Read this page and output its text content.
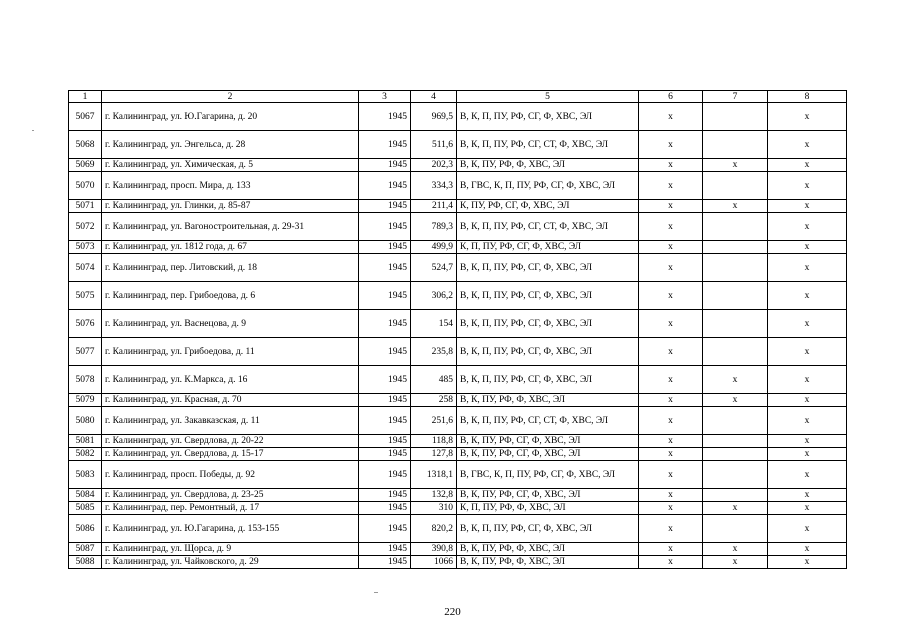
1	2	3	4	5	6	7	8
5067	г. Калининград, ул. Ю.Гагарина, д. 20	1945	969,5	В, К, П, ПУ, РФ, СГ, Ф, ХВС, ЭЛ	х		х
5068	г. Калининград, ул. Энгельса, д. 28	1945	511,6	В, К, П, ПУ, РФ, СГ, СТ, Ф, ХВС, ЭЛ	х		х
5069	г. Калининград, ул. Химическая, д. 5	1945	202,3	В, К, ПУ, РФ, Ф, ХВС, ЭЛ	х	х	х
5070	г. Калининград, просп. Мира, д. 133	1945	334,3	В, ГВС, К, П, ПУ, РФ, СГ, Ф, ХВС, ЭЛ	х		х
5071	г. Калининград, ул. Глинки, д. 85-87	1945	211,4	К, ПУ, РФ, СГ, Ф, ХВС, ЭЛ	х	х	х
5072	г. Калининград, ул. Вагоностроительная, д. 29-31	1945	789,3	В, К, П, ПУ, РФ, СГ, СТ, Ф, ХВС, ЭЛ	х		х
5073	г. Калининград, ул. 1812 года, д. 67	1945	499,9	К, П, ПУ, РФ, СГ, Ф, ХВС, ЭЛ	х		х
5074	г. Калининград, пер. Литовский, д. 18	1945	524,7	В, К, П, ПУ, РФ, СГ, Ф, ХВС, ЭЛ	х		х
5075	г. Калининград, пер. Грибоедова, д. 6	1945	306,2	В, К, П, ПУ, РФ, СГ, Ф, ХВС, ЭЛ	х		х
5076	г. Калининград, ул. Васнецова, д. 9	1945	154	В, К, П, ПУ, РФ, СГ, Ф, ХВС, ЭЛ	х		х
5077	г. Калининград, ул. Грибоедова, д. 11	1945	235,8	В, К, П, ПУ, РФ, СГ, Ф, ХВС, ЭЛ	х		х
5078	г. Калининград, ул. К.Маркса, д. 16	1945	485	В, К, П, ПУ, РФ, СГ, Ф, ХВС, ЭЛ	х	х	х
5079	г. Калининград, ул. Красная, д. 70	1945	258	В, К, ПУ, РФ, Ф, ХВС, ЭЛ	х	х	х
5080	г. Калининград, ул. Закавказская, д. 11	1945	251,6	В, К, П, ПУ, РФ, СГ, СТ, Ф, ХВС, ЭЛ	х		х
5081	г. Калининград, ул. Свердлова, д. 20-22	1945	118,8	В, К, ПУ, РФ, СГ, Ф, ХВС, ЭЛ	х		х
5082	г. Калининград, ул. Свердлова, д. 15-17	1945	127,8	В, К, ПУ, РФ, СГ, Ф, ХВС, ЭЛ	х		х
5083	г. Калининград, просп. Победы, д. 92	1945	1318,1	В, ГВС, К, П, ПУ, РФ, СГ, Ф, ХВС, ЭЛ	х		х
5084	г. Калининград, ул. Свердлова, д. 23-25	1945	132,8	В, К, ПУ, РФ, СГ, Ф, ХВС, ЭЛ	х		х
5085	г. Калининград, пер. Ремонтный, д. 17	1945	310	К, П, ПУ, РФ, Ф, ХВС, ЭЛ	х	х	х
5086	г. Калининград, ул. Ю.Гагарина, д. 153-155	1945	820,2	В, К, П, ПУ, РФ, СГ, Ф, ХВС, ЭЛ	х		х
5087	г. Калининград, ул. Щорса, д. 9	1945	390,8	В, К, ПУ, РФ, Ф, ХВС, ЭЛ	х	х	х
5088	г. Калининград, ул. Чайковского, д. 29	1945	1066	В, К, ПУ, РФ, Ф, ХВС, ЭЛ	х	х	х
220
